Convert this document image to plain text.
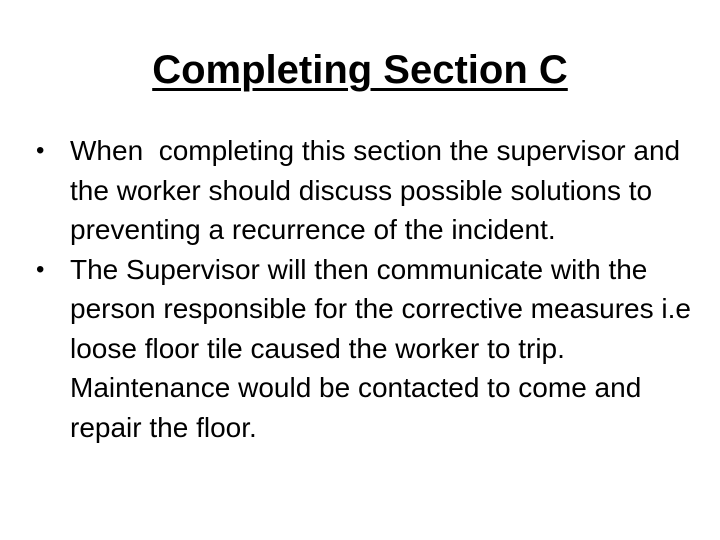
Completing Section C
• When  completing this section the supervisor and the worker should discuss possible solutions to preventing a recurrence of the incident.
• The Supervisor will then communicate with the person responsible for the corrective measures i.e loose floor tile caused the worker to trip. Maintenance would be contacted to come and repair the floor.
